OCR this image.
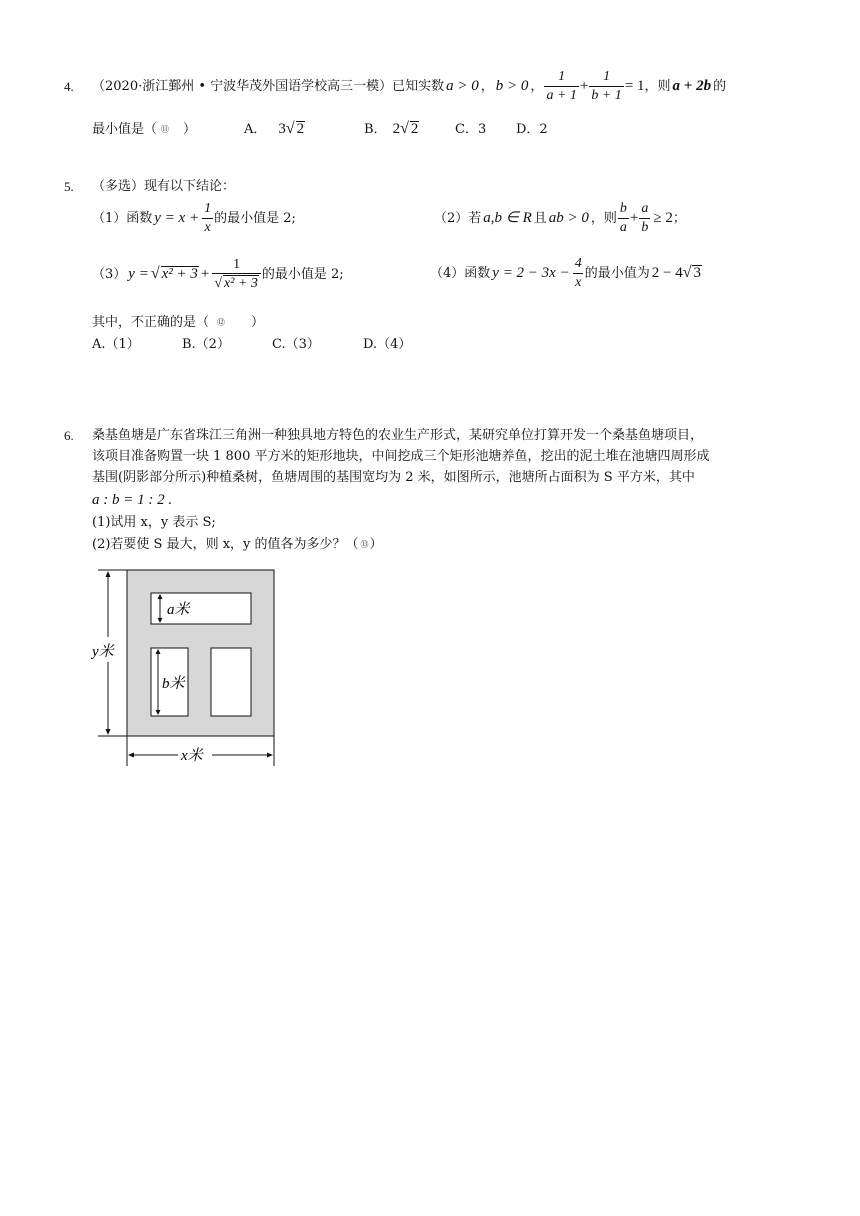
4. （2020·浙江鄞州 • 宁波华茂外国语学校高三一模）已知实数 a > 0 ， b > 0 ， $\frac{1}{a + 1} + \frac{1}{b + 1} = 1$ ，则 a + 2b 的
最小值是（ ⑪ ）	A． 3 √ 2	B． 2 √ 2	C．3 D．2
5. （多选）现有以下结论：
（1）函数 $y = x + \frac{1}{x}$ 的最小值是 2;	（2）若 a,b ∈ R 且 ab > 0 ，则 $\frac{b}{a} + \frac{a}{b} \ge 2$ ；
（3） y = √ $x^2 + 3 + \frac{1}{\text{√ x² + 3}}$ 的最小值是 2;	（4）函数 $y = 2 - 3x - \frac{4}{x}$ 的最小值为 2 − 4 √ 3
其中，不正确的是（ ⑫ ）
A.（1）	B.（2）	C.（3）	D.（4）
6. 桑基鱼塘是广东省珠江三角洲一种独具地方特色的农业生产形式，某研究单位打算开发一个桑基鱼塘项目，
该项目准备购置一块 1 800 平方米的矩形地块，中间挖成三个矩形池塘养鱼，挖出的泥土堆在池塘四周形成
基围(阴影部分所示)种植桑树，鱼塘周围的基围宽均为 2 米，如图所示，池塘所占面积为 S 平方米，其中
a : b = 1 : 2 .
(1)试用 x，y 表示 S;
(2)若要使 S 最大，则 x，y 的值各为多少？（ ⑬ ）
a米
b米
y米
x米
